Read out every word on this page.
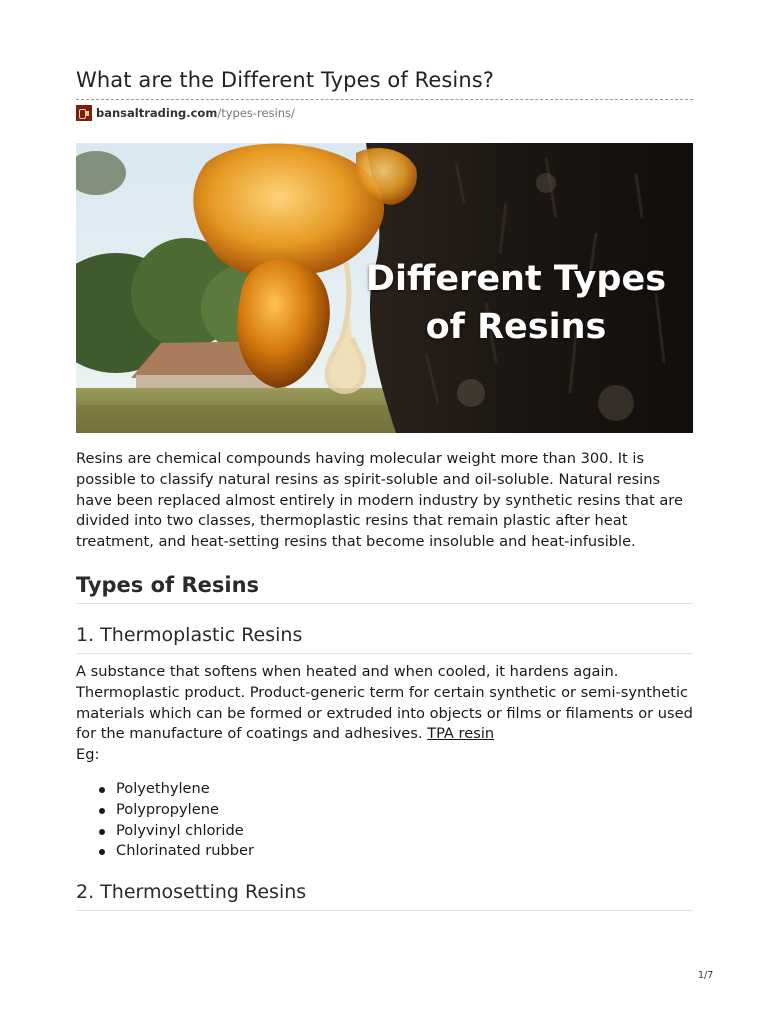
What are the Different Types of Resins?
bansaltrading.com /types-resins/
Different Types
of Resins

Resins are chemical compounds having molecular weight more than 300. It is possible to classify natural resins as spirit-soluble and oil-soluble. Natural resins have been replaced almost entirely in modern industry by synthetic resins that are divided into two classes, thermoplastic resins that remain plastic after heat treatment, and heat-setting resins that become insoluble and heat-infusible.

Types of Resins
1. Thermoplastic Resins

A substance that softens when heated and when cooled, it hardens again. Thermoplastic product. Product-generic term for certain synthetic or semi-synthetic materials which can be formed or extruded into objects or films or filaments or used for the manufacture of coatings and adhesives. TPA resin
Eg:

Polyethylene
Polypropylene
Polyvinyl chloride
Chlorinated rubber
2. Thermosetting Resins
1/7
